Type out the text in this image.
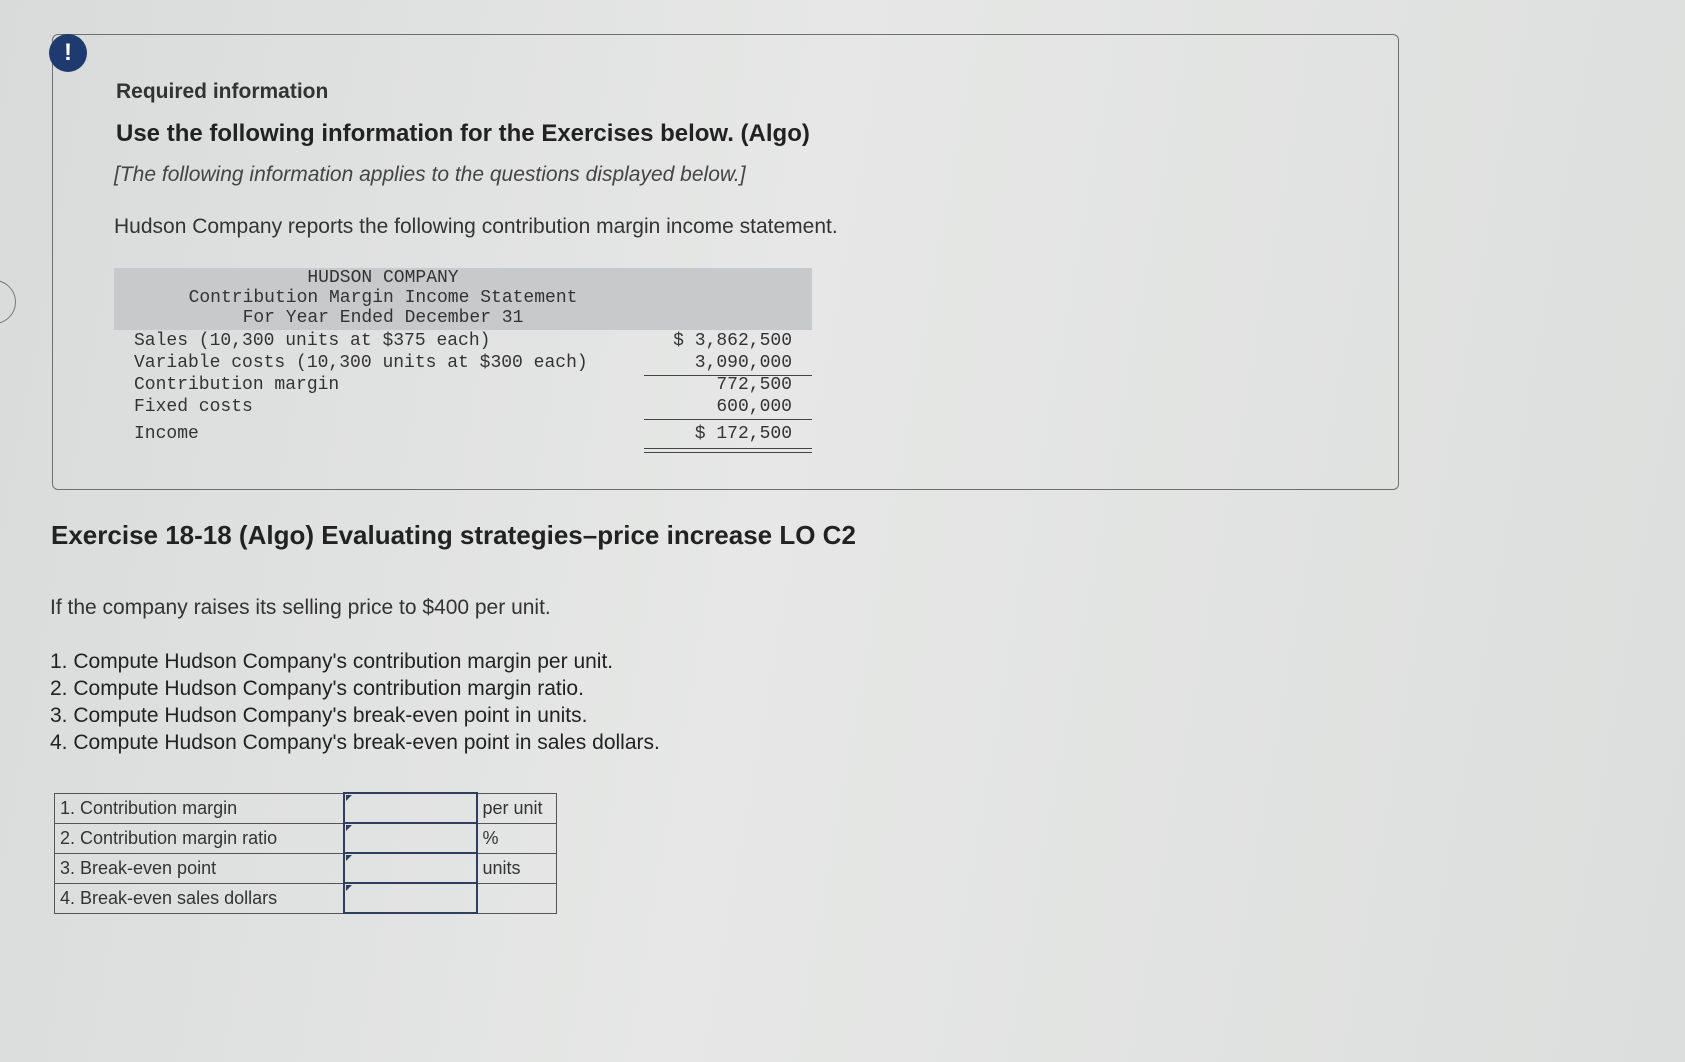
!
Required information
Use the following information for the Exercises below. (Algo)
[The following information applies to the questions displayed below.]
Hudson Company reports the following contribution margin income statement.
HUDSON COMPANY
Contribution Margin Income Statement
For Year Ended December 31
Sales (10,300 units at $375 each)	$ 3,862,500
Variable costs (10,300 units at $300 each)	3,090,000
Contribution margin	772,500
Fixed costs	600,000
Income	$ 172,500
Exercise 18-18 (Algo) Evaluating strategies–price increase LO C2
If the company raises its selling price to $400 per unit.
1. Compute Hudson Company's contribution margin per unit.
2. Compute Hudson Company's contribution margin ratio.
3. Compute Hudson Company's break-even point in units.
4. Compute Hudson Company's break-even point in sales dollars.
1. Contribution margin		per unit
2. Contribution margin ratio		%
3. Break-even point		units
4. Break-even sales dollars	
